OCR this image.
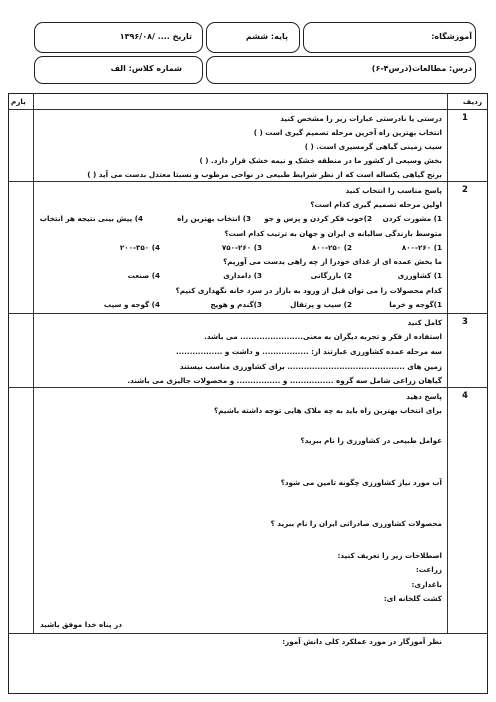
آموزشگاه:
پایه: ششم
تاریخ .... /۱۳۹۶/۰۸
درس: مطالعات(درس۴-۶)
شماره کلاس: الف
ردیف
بارم
1
درستی یا نادرستی عبارات زیر را مشخص کنید
انتخاب بهترین راه آخرین مرحله تصمیم گیری است ( )
سیب زمینی گیاهی گرمسیری است. ( )
بخش وسیعی از کشور ما در منطقه خشک و نیمه خشک قرار دارد. ( )
برنج گیاهی یکساله است که از نظر شرایط طبیعی در نواحی مرطوب و نسبتا معتدل بدست می آید ( )
2
پاسخ مناسب را انتخاب کنید
اولین مرحله تصمیم گیری کدام است؟
1) مشورت کردن
2)خوب فکر کردن و پرس و جو
3) انتخاب بهترین راه
4) پیش بینی نتیجه هر انتخاب
متوسط بارندگی سالیانه ی ایران و جهان به ترتیب کدام است؟
1) ۸۰۰-۲۶۰
2) ۸۰۰-۲۵۰
3) ۷۵۰-۲۶۰
4) ۲۰۰-۳۵۰
ما بخش عمده ای از غذای خودرا از چه راهی بدست می آوریم؟
1) کشاورزی
2) بازرگانی
3) دامداری
4) صنعت
کدام محصولات را می توان قبل از ورود به بازار در سرد خانه نگهداری کنیم؟
1)گوجه و خرما
2) سیب و پرتقال
3)گندم و هویج
4) گوجه و سیب
3
کامل کنید
استفاده از فکر و تجربه دیگران به معنی....................... می باشد.
سه مرحله عمده کشاورزی عبارتند از: ................. و داشت و .................
زمین های ........................................... برای کشاورزی مناسب نیستند
گیاهان زراعی شامل سه گروه ................ و ................ و محصولات جالیزی می باشند.
4
پاسخ دهید
برای انتخاب بهترین راه باید به چه ملاک هایی توجه داشته باشیم؟
عوامل طبیعی در کشاورزی را نام ببرید؟
آب مورد نیاز کشاورزی چگونه تامین می شود؟
محصولات کشاورزی صادراتی ایران را نام ببرید ؟
اصطلاحات زیر را تعریف کنید:
زراعت:
باغداری:
کشت گلخانه ای:
در پناه خدا موفق باشید
نظر آموزگار در مورد عملکرد کلی دانش آموز:
